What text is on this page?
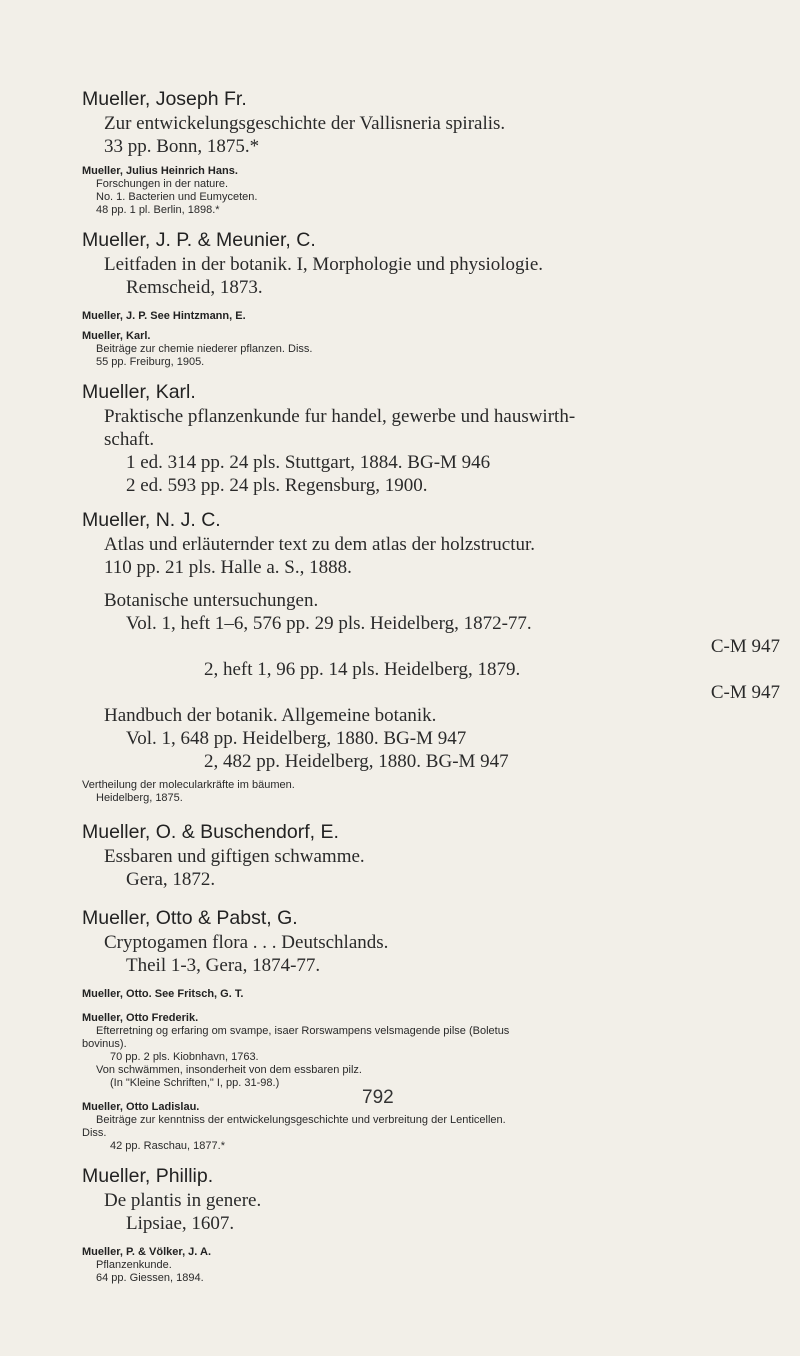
Mueller, Joseph Fr.
Zur entwickelungsgeschichte der Vallisneria spiralis.
33 pp. Bonn, 1875.*
Mueller, Julius Heinrich Hans.
Forschungen in der nature.
No. 1. Bacterien und Eumyceten.
48 pp. 1 pl. Berlin, 1898.*
Mueller, J. P. & Meunier, C.
Leitfaden in der botanik. I, Morphologie und physiologie.
Remscheid, 1873.
Mueller, J. P. See Hintzmann, E.
Mueller, Karl.
Beiträge zur chemie niederer pflanzen. Diss.
55 pp. Freiburg, 1905.
Mueller, Karl.
Praktische pflanzenkunde fur handel, gewerbe und hauswirth-
schaft.
1 ed. 314 pp. 24 pls. Stuttgart, 1884. BG-M 946
2 ed. 593 pp. 24 pls. Regensburg, 1900.
Mueller, N. J. C.
Atlas und erläuternder text zu dem atlas der holzstructur.
110 pp. 21 pls. Halle a. S., 1888.
Botanische untersuchungen.
Vol. 1, heft 1–6, 576 pp. 29 pls. Heidelberg, 1872-77.
C-M 947
2, heft 1, 96 pp. 14 pls. Heidelberg, 1879.
C-M 947
Handbuch der botanik. Allgemeine botanik.
Vol. 1, 648 pp. Heidelberg, 1880. BG-M 947
2, 482 pp. Heidelberg, 1880. BG-M 947
Vertheilung der molecularkräfte im bäumen.
Heidelberg, 1875.
Mueller, O. & Buschendorf, E.
Essbaren und giftigen schwamme.
Gera, 1872.
Mueller, Otto & Pabst, G.
Cryptogamen flora . . . Deutschlands.
Theil 1-3, Gera, 1874-77.
Mueller, Otto. See Fritsch, G. T.
Mueller, Otto Frederik.
Efterretning og erfaring om svampe, isaer Rorswampens velsmagende pilse (Boletus
bovinus).
70 pp. 2 pls. Kiobnhavn, 1763.
Von schwämmen, insonderheit von dem essbaren pilz.
(In "Kleine Schriften," I, pp. 31-98.)
Mueller, Otto Ladislau.
Beiträge zur kenntniss der entwickelungsgeschichte und verbreitung der Lenticellen.
Diss.
42 pp. Raschau, 1877.*
Mueller, Phillip.
De plantis in genere.
Lipsiae, 1607.
Mueller, P. & Völker, J. A.
Pflanzenkunde.
64 pp. Giessen, 1894.
792
